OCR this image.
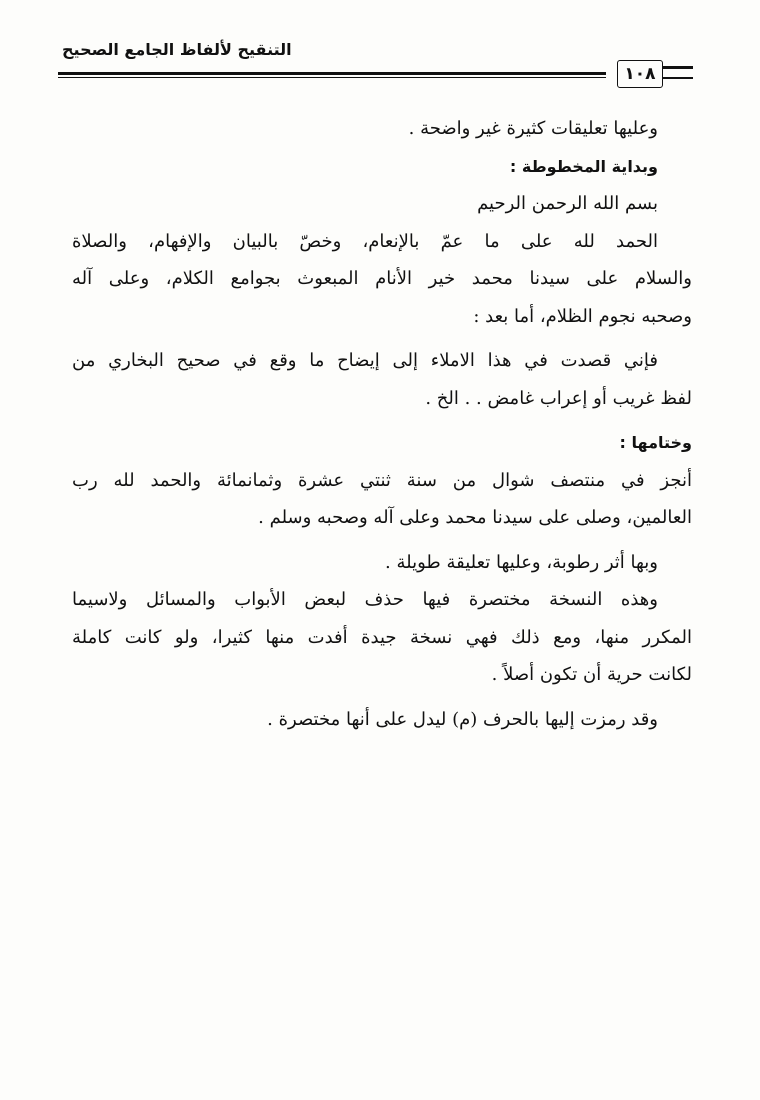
التنقيح لألفاظ الجامع الصحيح
١٠٨
وعليها تعليقات كثيرة غير واضحة .
وبداية المخطوطة :
بسم الله الرحمن الرحيم
الحمد لله على ما عمّ بالإنعام، وخصّ بالبيان والإفهام، والصلاة
والسلام على سيدنا محمد خير الأنام المبعوث بجوامع الكلام، وعلى آله
وصحبه نجوم الظلام، أما بعد :
فإني قصدت في هذا الاملاء إلى إيضاح ما وقع في صحيح البخاري من
لفظ غريب أو إعراب غامض . . الخ .
وختامها :
أنجز في منتصف شوال من سنة ثنتي عشرة وثمانمائة والحمد لله رب
العالمين، وصلى على سيدنا محمد وعلى آله وصحبه وسلم .
وبها أثر رطوبة، وعليها تعليقة طويلة .
وهذه النسخة مختصرة فيها حذف لبعض الأبواب والمسائل ولاسيما
المكرر منها، ومع ذلك فهي نسخة جيدة أفدت منها كثيرا، ولو كانت كاملة
لكانت حرية أن تكون أصلاً .
وقد رمزت إليها بالحرف (م) ليدل على أنها مختصرة .
